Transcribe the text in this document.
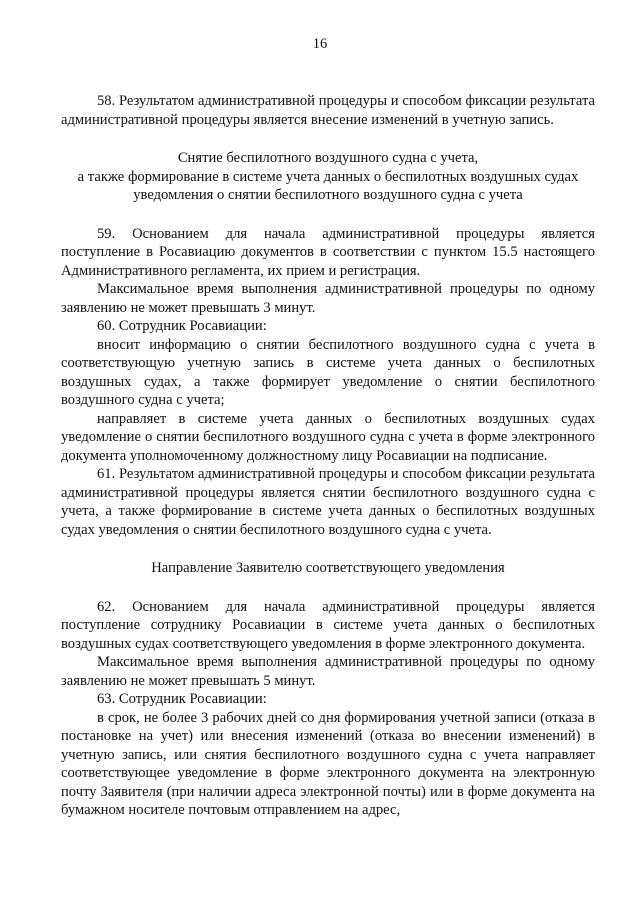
16

58. Результатом административной процедуры и способом фиксации результата административной процедуры является внесение изменений в учетную запись.

Снятие беспилотного воздушного судна с учета,

а также формирование в системе учета данных о беспилотных воздушных судах

уведомления о снятии беспилотного воздушного судна с учета

59. Основанием для начала административной процедуры является поступление в Росавиацию документов в соответствии с пунктом 15.5 настоящего Административного регламента, их прием и регистрация.

Максимальное время выполнения административной процедуры по одному заявлению не может превышать 3 минут.

60. Сотрудник Росавиации:

вносит информацию о снятии беспилотного воздушного судна с учета в соответствующую учетную запись в системе учета данных о беспилотных воздушных судах, а также формирует уведомление о снятии беспилотного воздушного судна с учета;

направляет в системе учета данных о беспилотных воздушных судах уведомление о снятии беспилотного воздушного судна с учета в форме электронного документа уполномоченному должностному лицу Росавиации на подписание.

61. Результатом административной процедуры и способом фиксации результата административной процедуры является снятии беспилотного воздушного судна с учета, а также формирование в системе учета данных о беспилотных воздушных судах уведомления о снятии беспилотного воздушного судна с учета.

Направление Заявителю соответствующего уведомления

62. Основанием для начала административной процедуры является поступление сотруднику Росавиации в системе учета данных о беспилотных воздушных судах соответствующего уведомления в форме электронного документа.

Максимальное время выполнения административной процедуры по одному заявлению не может превышать 5 минут.

63. Сотрудник Росавиации:

в срок, не более 3 рабочих дней со дня формирования учетной записи (отказа в постановке на учет) или внесения изменений (отказа во внесении изменений) в учетную запись, или снятия беспилотного воздушного судна с учета направляет соответствующее уведомление в форме электронного документа на электронную почту Заявителя (при наличии адреса электронной почты) или в форме документа на бумажном носителе почтовым отправлением на адрес,
